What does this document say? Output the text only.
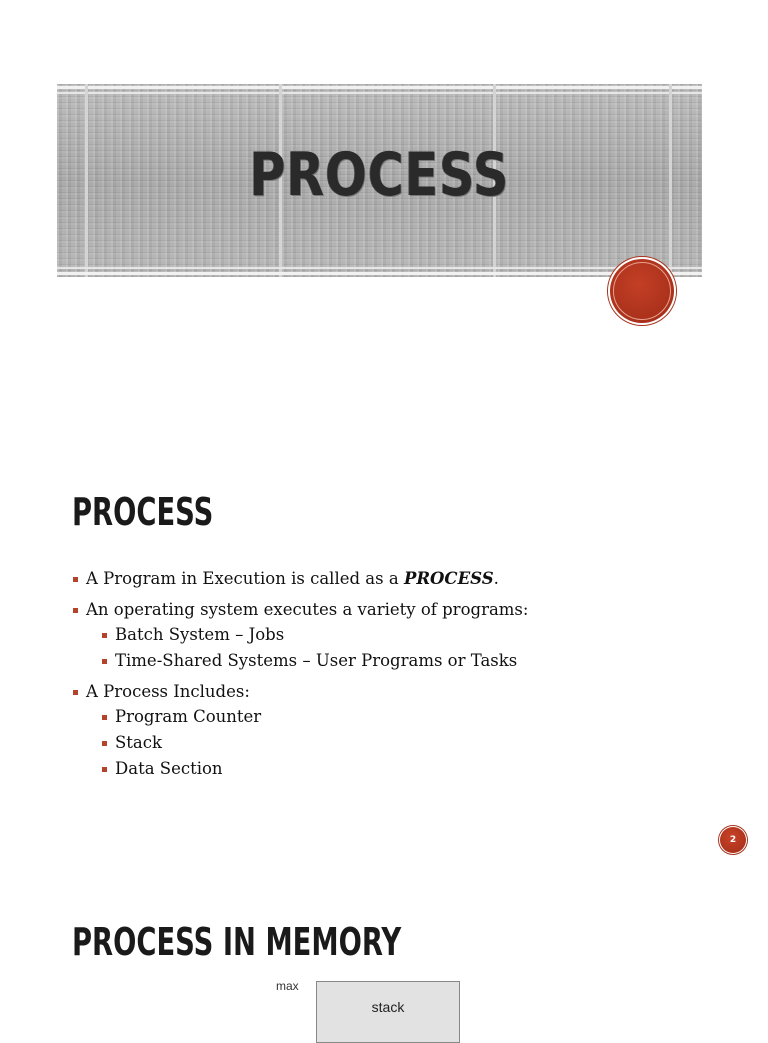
PROCESS
PROCESS
A Program in Execution is called as a PROCESS.
An operating system executes a variety of programs:
Batch System – Jobs
Time-Shared Systems – User Programs or Tasks
A Process Includes:
Program Counter
Stack
Data Section
2
PROCESS IN MEMORY
max
stack
